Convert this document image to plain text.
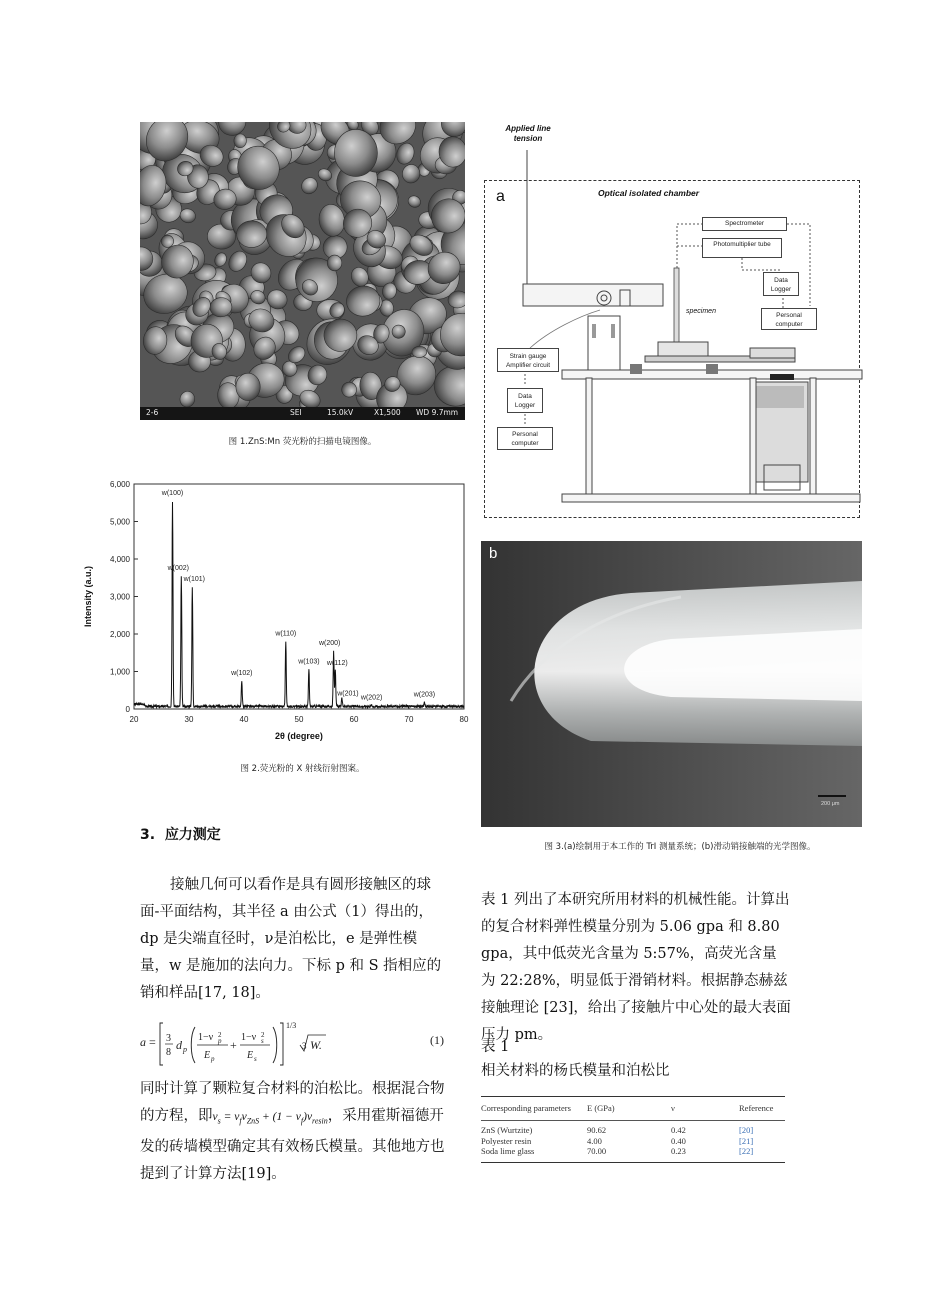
2-6	SEI	15.0kV	X1,500 WD 9.7mm
图 1.ZnS:Mn 荧光粉的扫描电镜图像。
20	30	40	50	60	70	80
0
1,000
2,000
3,000
4,000
5,000
6,000
2θ (degree)
Intensity (a.u.)
w(100)
w(002)
w(101)
w(102)
w(110)
w(103)
w(200)
w(112)
w(201)
w(202)	w(203)
图 2.荧光粉的 X 射线衍射图案。
Applied line tension
a	Optical isolated chamber
Spectrometer
Photomultiplier tube
Data Logger
Personal computer
specimen
Strain gauge Amplifier circuit
Data Logger
Personal computer
b
200 μm
图 3.(a)绘制用于本工作的 TrI 测量系统；(b)滑动销接触端的光学图像。
3. 应力测定
接触几何可以看作是具有圆形接触区的球面-平面结构，其半径 a 由公式（1）得出的，dp 是尖端直径时，ν是泊松比，e 是弹性模量，w 是施加的法向力。下标 p 和 S 指相应的销和样品[17, 18]。
a = 3
8
d p
1−ν 2
p
E p
+
1−ν 2
s
E s
1/3
3 W.	(1)
同时计算了颗粒复合材料的泊松比。根据混合物的方程，即$\nu_s = \nu_f\nu_{ZnS} + (1 - \nu_f)\nu_{resin}$，采用霍斯福德开发的砖墙模型确定其有效杨氏模量。其他地方也提到了计算方法[19]。
表 1 列出了本研究所用材料的机械性能。计算出的复合材料弹性模量分别为 5.06 gpa 和 8.80 gpa，其中低荧光含量为 5:57%，高荧光含量为 22:28%，明显低于滑销材料。根据静态赫兹接触理论 [23]，给出了接触片中心处的最大表面压力 pm。
表 1
相关材料的杨氏模量和泊松比
Corresponding parameters	E (GPa)	ν	Reference
ZnS (Wurtzite)	90.62	0.42	[20]
Polyester resin	4.00	0.40	[21]
Soda lime glass	70.00	0.23	[22]
